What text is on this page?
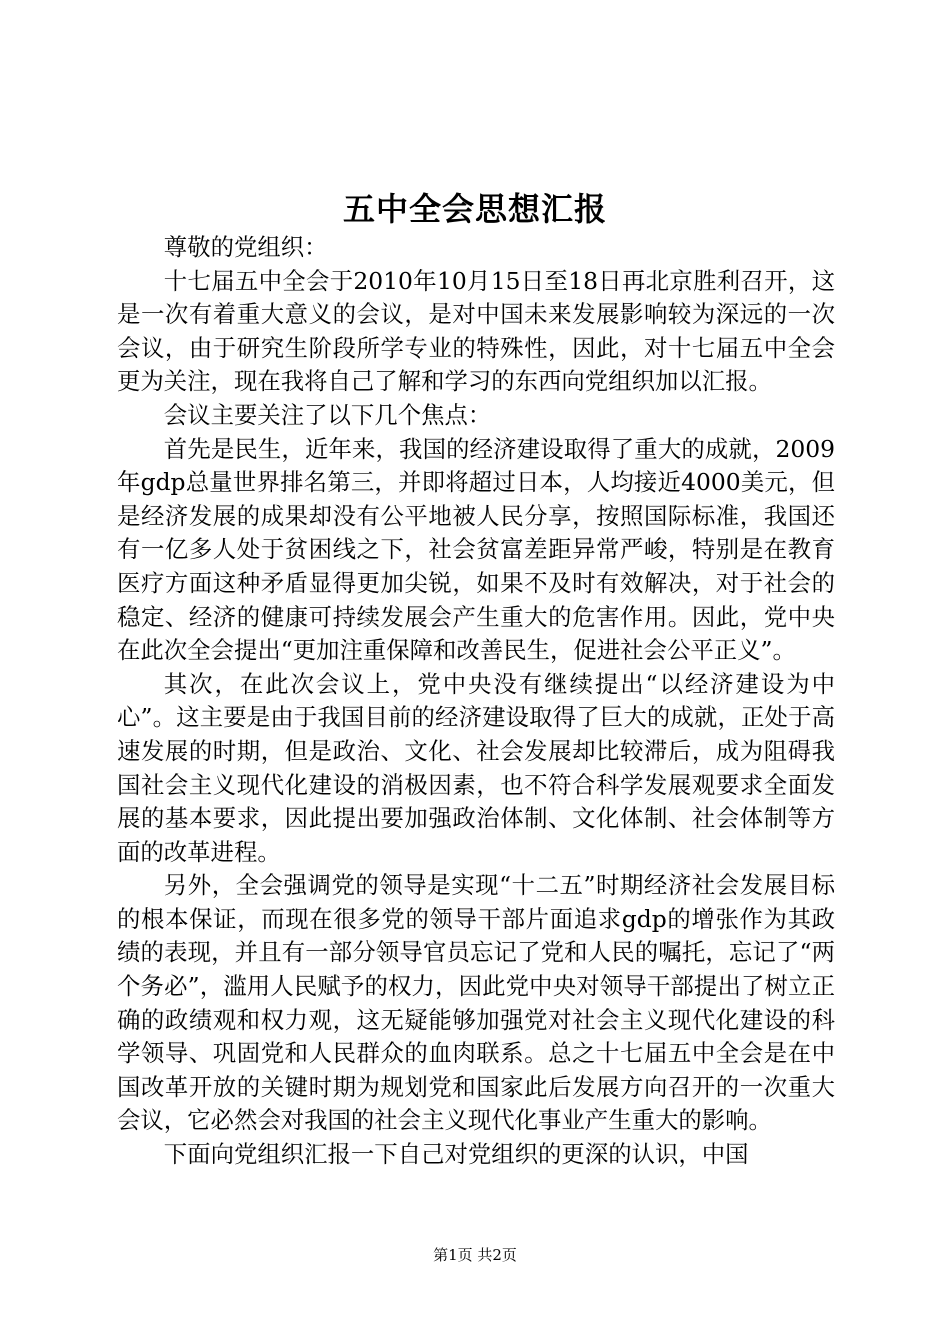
五中全会思想汇报

尊敬的党组织：

十七届五中全会于2010年10月15日至18日再北京胜利召开，这是一次有着重大意义的会议，是对中国未来发展影响较为深远的一次会议，由于研究生阶段所学专业的特殊性，因此，对十七届五中全会更为关注，现在我将自己了解和学习的东西向党组织加以汇报。

会议主要关注了以下几个焦点：

首先是民生，近年来，我国的经济建设取得了重大的成就，2009年gdp总量世界排名第三，并即将超过日本，人均接近4000美元，但是经济发展的成果却没有公平地被人民分享，按照国际标准，我国还有一亿多人处于贫困线之下，社会贫富差距异常严峻，特别是在教育医疗方面这种矛盾显得更加尖锐，如果不及时有效解决，对于社会的稳定、经济的健康可持续发展会产生重大的危害作用。因此，党中央在此次全会提出“更加注重保障和改善民生，促进社会公平正义”。

其次，在此次会议上，党中央没有继续提出“以经济建设为中心”。这主要是由于我国目前的经济建设取得了巨大的成就，正处于高速发展的时期，但是政治、文化、社会发展却比较滞后，成为阻碍我国社会主义现代化建设的消极因素，也不符合科学发展观要求全面发展的基本要求，因此提出要加强政治体制、文化体制、社会体制等方面的改革进程。

另外，全会强调党的领导是实现“十二五”时期经济社会发展目标的根本保证，而现在很多党的领导干部片面追求gdp的增张作为其政绩的表现，并且有一部分领导官员忘记了党和人民的嘱托，忘记了“两个务必”，滥用人民赋予的权力，因此党中央对领导干部提出了树立正确的政绩观和权力观，这无疑能够加强党对社会主义现代化建设的科学领导、巩固党和人民群众的血肉联系。总之十七届五中全会是在中国改革开放的关键时期为规划党和国家此后发展方向召开的一次重大会议，它必然会对我国的社会主义现代化事业产生重大的影响。

下面向党组织汇报一下自己对党组织的更深的认识，中国

第1页 共2页
